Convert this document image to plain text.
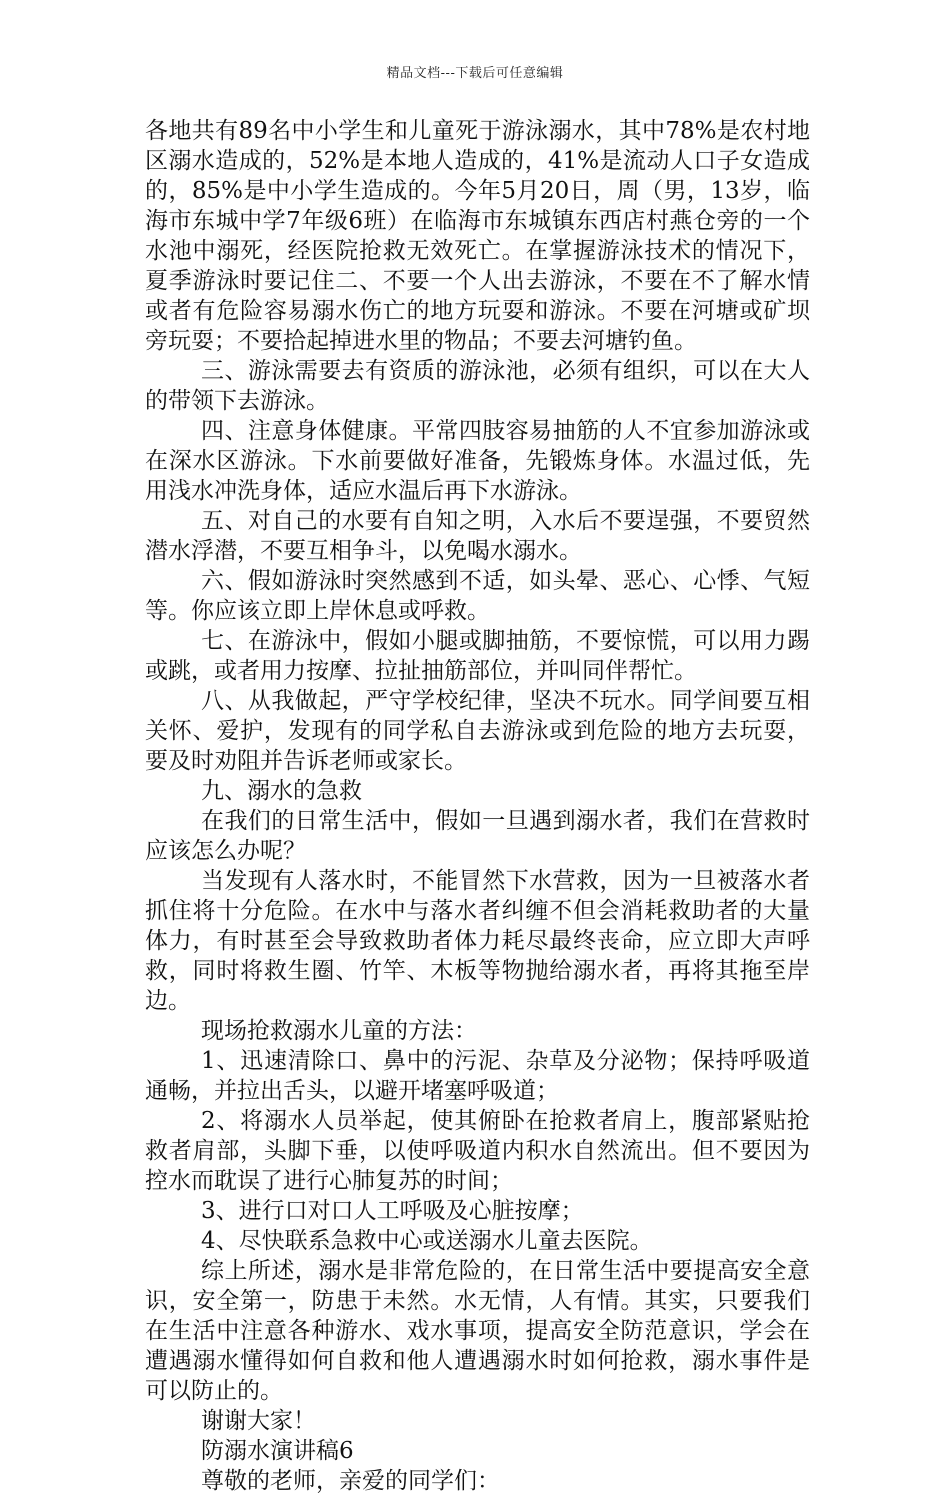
精品文档---下载后可任意编辑

各地共有89名中小学生和儿童死于游泳溺水，其中78%是农村地区溺水造成的，52%是本地人造成的，41%是流动人口子女造成的，85%是中小学生造成的。今年5月20日，周（男，13岁，临海市东城中学7年级6班）在临海市东城镇东西店村燕仓旁的一个水池中溺死，经医院抢救无效死亡。在掌握游泳技术的情况下，夏季游泳时要记住二、不要一个人出去游泳，不要在不了解水情或者有危险容易溺水伤亡的地方玩耍和游泳。不要在河塘或矿坝旁玩耍；不要拾起掉进水里的物品；不要去河塘钓鱼。

三、游泳需要去有资质的游泳池，必须有组织，可以在大人的带领下去游泳。

四、注意身体健康。平常四肢容易抽筋的人不宜参加游泳或在深水区游泳。下水前要做好准备，先锻炼身体。水温过低，先用浅水冲洗身体，适应水温后再下水游泳。

五、对自己的水要有自知之明，入水后不要逞强，不要贸然潜水浮潜，不要互相争斗，以免喝水溺水。

六、假如游泳时突然感到不适，如头晕、恶心、心悸、气短等。你应该立即上岸休息或呼救。

七、在游泳中，假如小腿或脚抽筋，不要惊慌，可以用力踢或跳，或者用力按摩、拉扯抽筋部位，并叫同伴帮忙。

八、从我做起，严守学校纪律，坚决不玩水。同学间要互相关怀、爱护，发现有的同学私自去游泳或到危险的地方去玩耍，要及时劝阻并告诉老师或家长。

九、溺水的急救

在我们的日常生活中，假如一旦遇到溺水者，我们在营救时应该怎么办呢？

当发现有人落水时，不能冒然下水营救，因为一旦被落水者抓住将十分危险。在水中与落水者纠缠不但会消耗救助者的大量体力，有时甚至会导致救助者体力耗尽最终丧命，应立即大声呼救，同时将救生圈、竹竿、木板等物抛给溺水者，再将其拖至岸边。

现场抢救溺水儿童的方法：

1、迅速清除口、鼻中的污泥、杂草及分泌物；保持呼吸道通畅，并拉出舌头，以避开堵塞呼吸道；

2、将溺水人员举起，使其俯卧在抢救者肩上，腹部紧贴抢救者肩部，头脚下垂，以使呼吸道内积水自然流出。但不要因为控水而耽误了进行心肺复苏的时间；

3、进行口对口人工呼吸及心脏按摩；

4、尽快联系急救中心或送溺水儿童去医院。

综上所述，溺水是非常危险的，在日常生活中要提高安全意识，安全第一，防患于未然。水无情，人有情。其实，只要我们在生活中注意各种游水、戏水事项，提高安全防范意识，学会在遭遇溺水懂得如何自救和他人遭遇溺水时如何抢救，溺水事件是可以防止的。

谢谢大家！

防溺水演讲稿6

尊敬的老师，亲爱的同学们：
